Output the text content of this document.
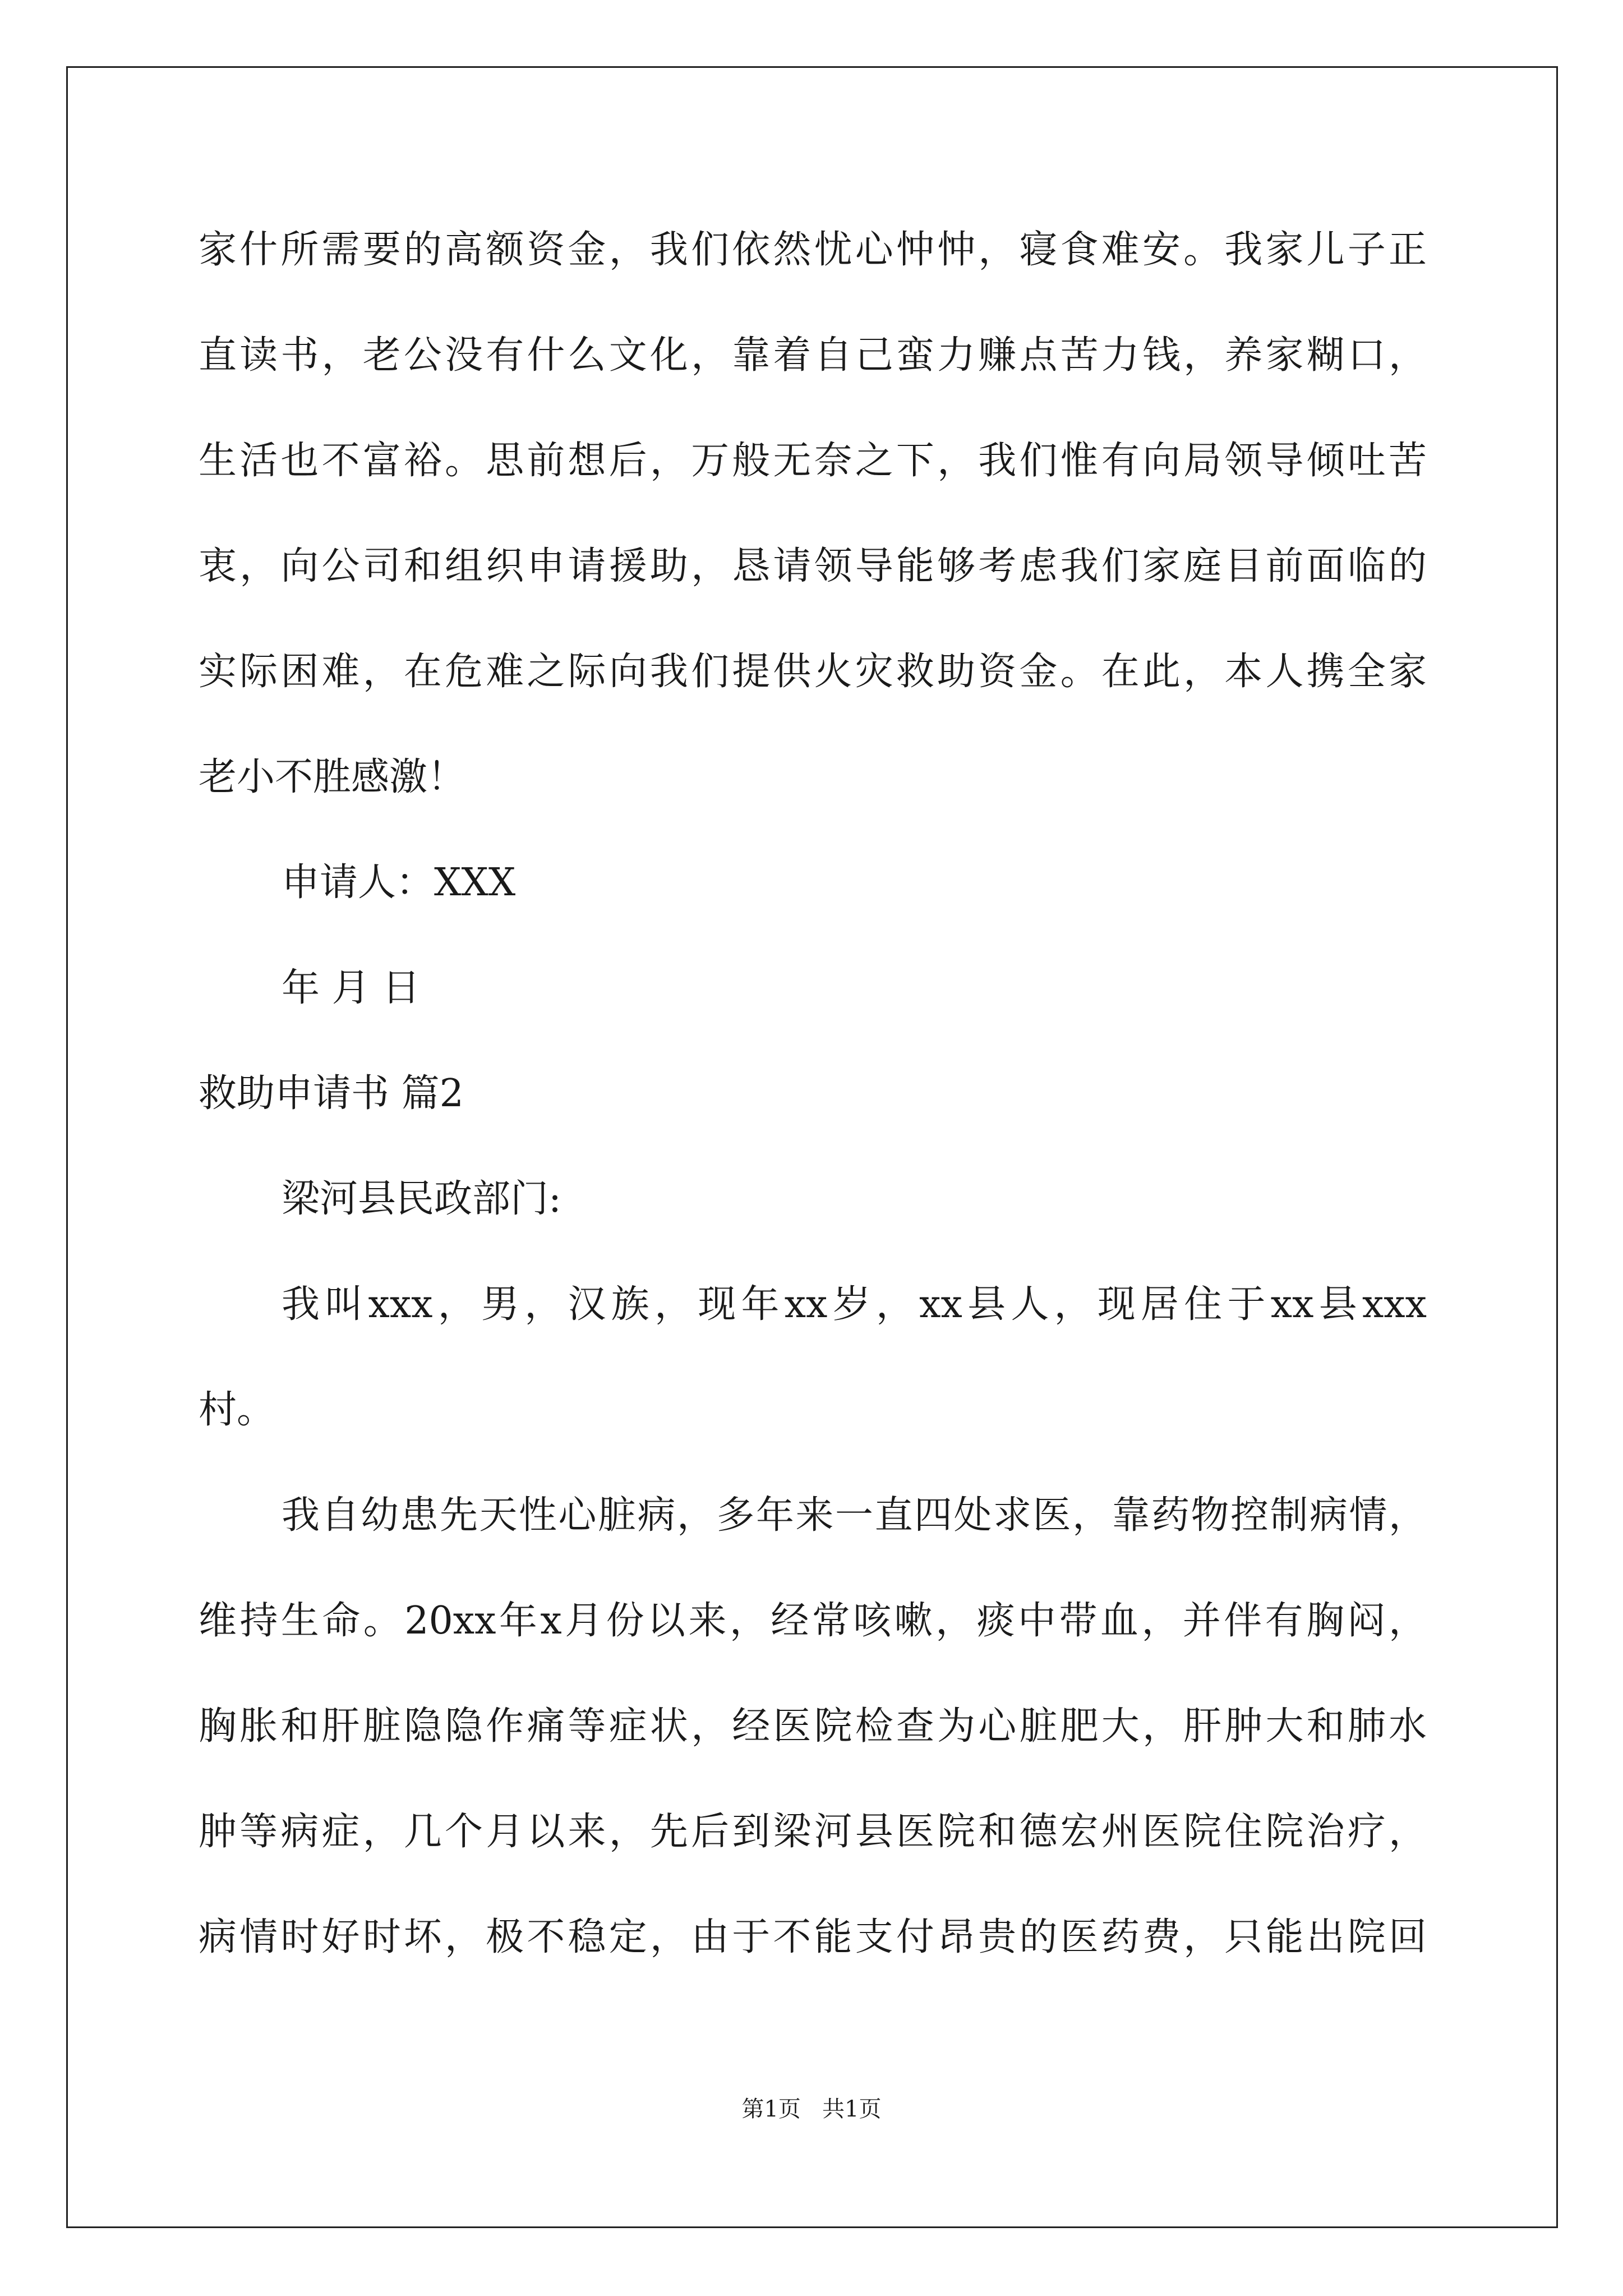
家什所需要的高额资金，我们依然忧心忡忡，寝食难安。我家儿子正
直读书，老公没有什么文化，靠着自己蛮力赚点苦力钱，养家糊口，
生活也不富裕。思前想后，万般无奈之下，我们惟有向局领导倾吐苦
衷，向公司和组织申请援助，恳请领导能够考虑我们家庭目前面临的
实际困难，在危难之际向我们提供火灾救助资金。在此，本人携全家
老小不胜感激！
申请人：XXX
年 月 日
救助申请书 篇2
梁河县民政部门:
我叫xxx，男，汉族，现年xx岁，xx县人，现居住于xx县xxx
村。
我自幼患先天性心脏病，多年来一直四处求医，靠药物控制病情，
维持生命。20xx年x月份以来，经常咳嗽，痰中带血，并伴有胸闷，
胸胀和肝脏隐隐作痛等症状，经医院检查为心脏肥大，肝肿大和肺水
肿等病症，几个月以来，先后到梁河县医院和德宏州医院住院治疗，
病情时好时坏，极不稳定，由于不能支付昂贵的医药费，只能出院回
第1页   共1页
